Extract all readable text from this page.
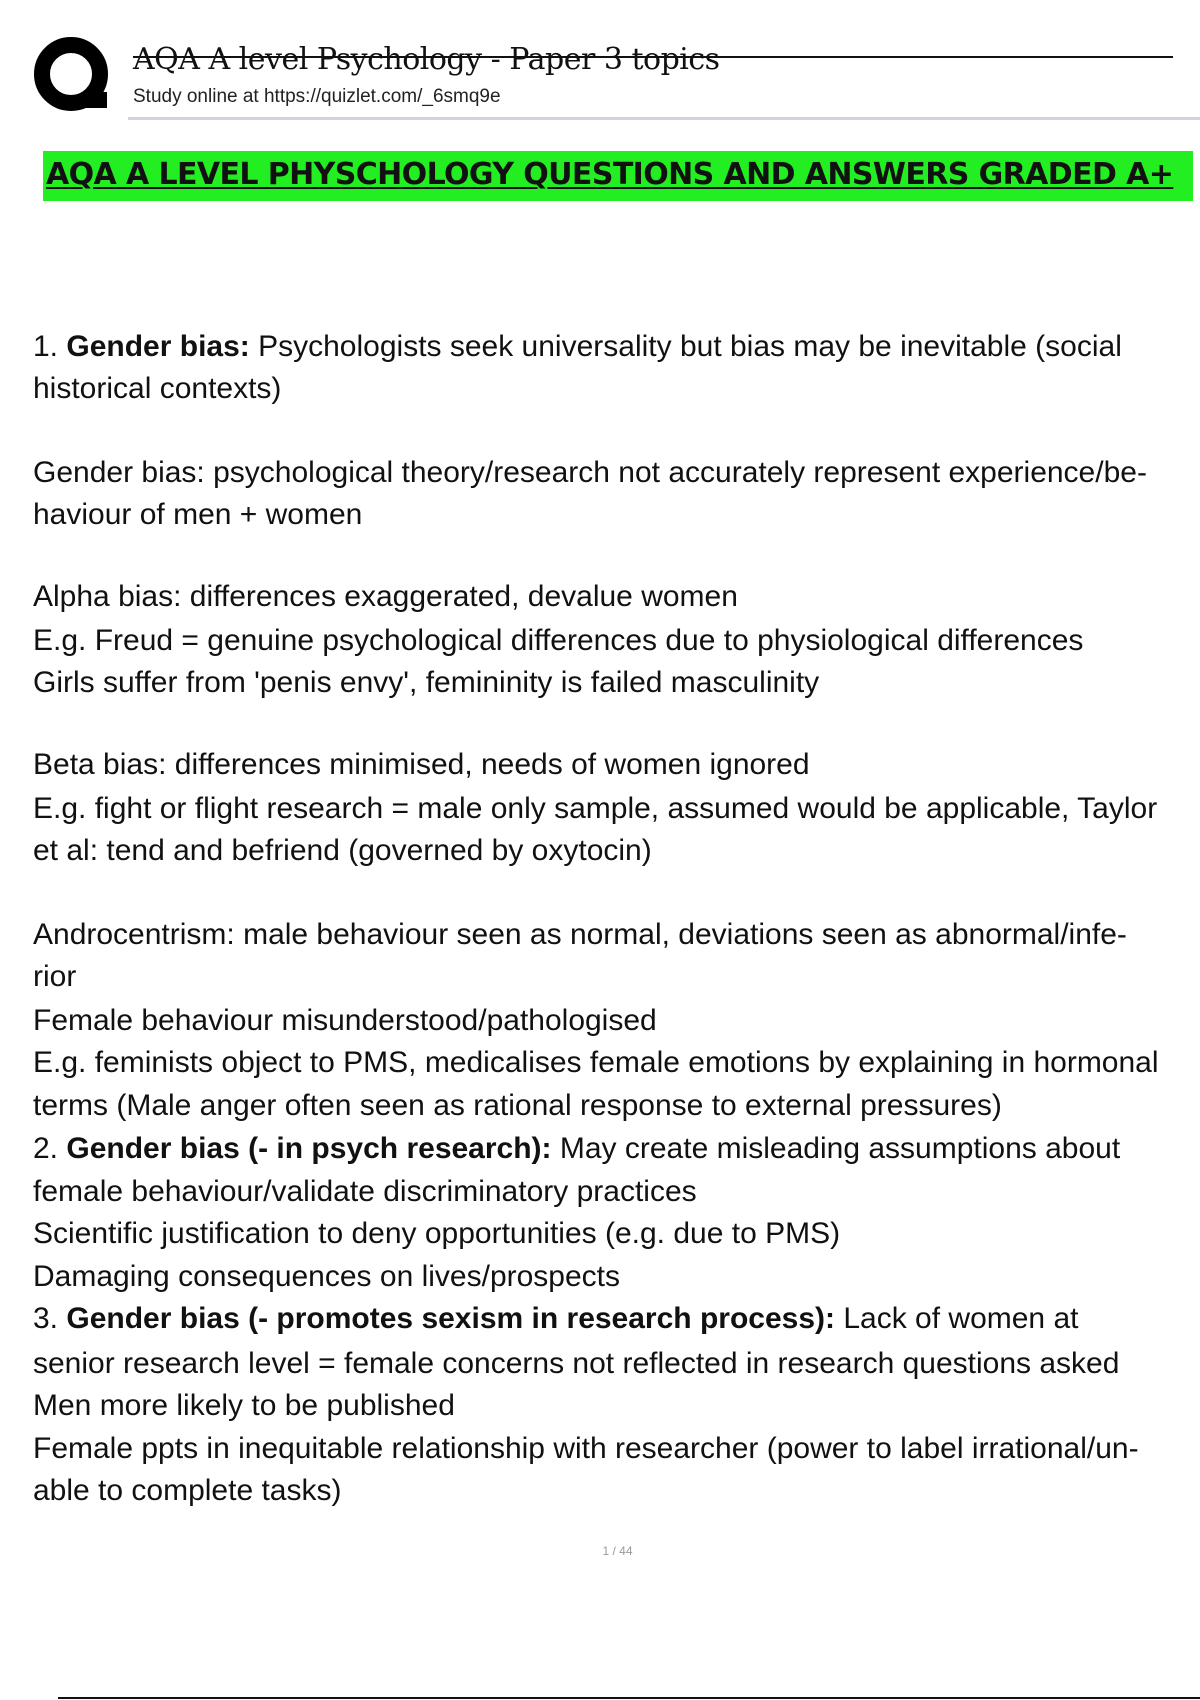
AQA A level Psychology - Paper 3 topics
Study online at https://quizlet.com/_6smq9e
AQA A LEVEL PHYSCHOLOGY QUESTIONS AND ANSWERS GRADED A+
1. Gender bias: Psychologists seek universality but bias may be inevitable (social
historical contexts)
Gender bias: psychological theory/research not accurately represent experience/be-
haviour of men + women
Alpha bias: differences exaggerated, devalue women
E.g. Freud = genuine psychological differences due to physiological differences
Girls suffer from 'penis envy', femininity is failed masculinity
Beta bias: differences minimised, needs of women ignored
E.g. fight or flight research = male only sample, assumed would be applicable, Taylor
et al: tend and befriend (governed by oxytocin)
Androcentrism: male behaviour seen as normal, deviations seen as abnormal/infe-
rior
Female behaviour misunderstood/pathologised
E.g. feminists object to PMS, medicalises female emotions by explaining in hormonal
terms (Male anger often seen as rational response to external pressures)
2. Gender bias (- in psych research): May create misleading assumptions about
female behaviour/validate discriminatory practices
Scientific justification to deny opportunities (e.g. due to PMS)
Damaging consequences on lives/prospects
3. Gender bias (- promotes sexism in research process): Lack of women at
senior research level = female concerns not reflected in research questions asked
Men more likely to be published
Female ppts in inequitable relationship with researcher (power to label irrational/un-
able to complete tasks)
1 / 44
